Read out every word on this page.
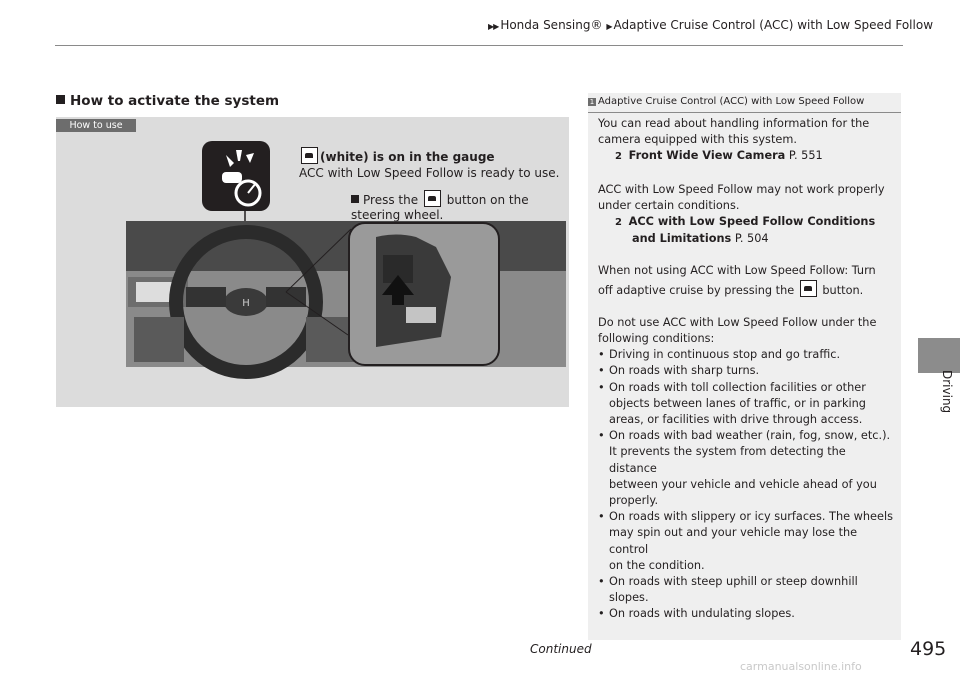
▶▶ Honda Sensing® ▶ Adaptive Cruise Control (ACC) with Low Speed Follow
Driving
How to activate the system
How to use
H
(white) is on in the gauge
ACC with Low Speed Follow is ready to use.
Press the button on the
steering wheel.
1 Adaptive Cruise Control (ACC) with Low Speed Follow

You can read about handling information for the
camera equipped with this system.

2 Front Wide View Camera P. 551

ACC with Low Speed Follow may not work properly
under certain conditions.

2 ACC with Low Speed Follow Conditions

and Limitations P. 504

When not using ACC with Low Speed Follow: Turn
off adaptive cruise by pressing the button.

Do not use ACC with Low Speed Follow under the
following conditions:

• Driving in continuous stop and go traffic.
• On roads with sharp turns.
• On roads with toll collection facilities or other
objects between lanes of traffic, or in parking
areas, or facilities with drive through access.
• On roads with bad weather (rain, fog, snow, etc.).
It prevents the system from detecting the distance
between your vehicle and vehicle ahead of you
properly.
• On roads with slippery or icy surfaces. The wheels
may spin out and your vehicle may lose the control
on the condition.
• On roads with steep uphill or steep downhill slopes.
• On roads with undulating slopes.
Continued	495
carmanualsonline.info
